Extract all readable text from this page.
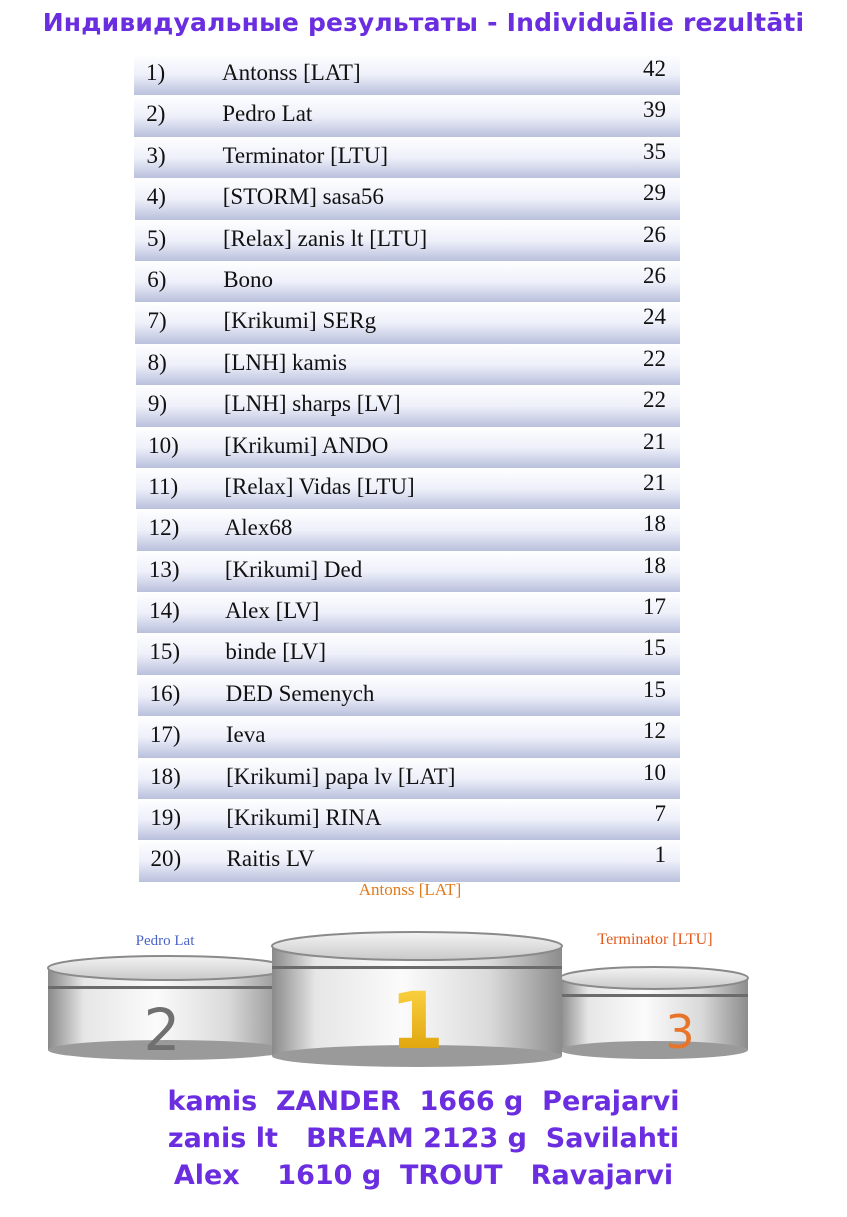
Индивидуальные результаты - Individuālie rezultāti
1) Antonss [LAT]	42
2) Pedro Lat	39
3) Terminator [LTU]	35
4) [STORM] sasa56	29
5) [Relax] zanis lt [LTU]	26
6) Bono	26
7) [Krikumi] SERg	24
8) [LNH] kamis	22
9) [LNH] sharps [LV]	22
10) [Krikumi] ANDO	21
11) [Relax] Vidas [LTU]	21
12) Alex68	18
13) [Krikumi] Ded	18
14) Alex [LV]	17
15) binde [LV]	15
16) DED Semenych	15
17) Ieva	12
18) [Krikumi] papa lv [LAT]	10
19) [Krikumi] RINA	7
20) Raitis LV	1
Antonss [LAT]
Pedro Lat	Terminator [LTU]
2	3
1
kamis  ZANDER  1666 g  Perajarvi
zanis lt   BREAM 2123 g  Savilahti
Alex    1610 g  TROUT   Ravajarvi
